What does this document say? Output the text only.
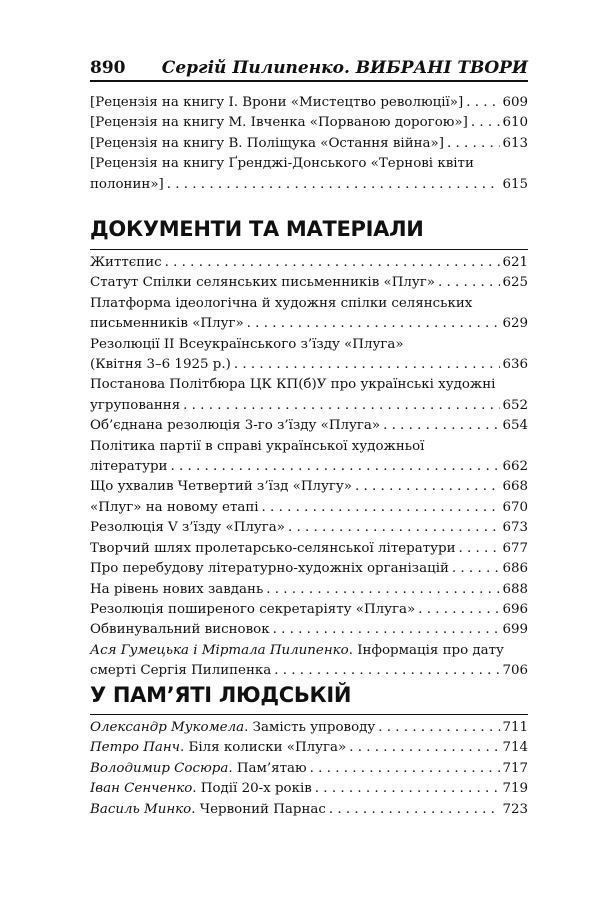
890 Сергій Пилипенко. ВИБРАНІ ТВОРИ
[Рецензія на книгу І. Врони «Мистецтво революції»] . . .	609
[Рецензія на книгу М. Івченка «Порваною дорогою»] . . .	610
[Рецензія на книгу В. Поліщука «Остання війна»] . . .	613
[Рецензія на книгу Ґренджі-Донського «Тернові квіти
полонин»] . . .	615
ДОКУМЕНТИ ТА МАТЕРІАЛИ
Життєпис . . .	621
Статут Спілки селянських письменників «Плуг» . . .	625
Платформа ідеологічна й художня спілки селянських
письменників «Плуг» . . .	629
Резолюції ІІ Всеукраїнського з’їзду «Плуга»
(Квітня 3–6 1925 р.) . . .	636
Постанова Політбюра ЦК КП(б)У про українські художні
угруповання . . .	652
Об’єднана резолюція 3-го з’їзду «Плуга» . . .	654
Політика партії в справі української художньої
літератури . . .	662
Що ухвалив Четвертий з’їзд «Плугу» . . .	668
«Плуг» на новому етапі . . .	670
Резолюція V з’їзду «Плуга» . . .	673
Творчий шлях пролетарсько-селянської літератури . . .	677
Про перебудову літературно-художніх організацій . . .	686
На рівень нових завдань . . .	688
Резолюція поширеного секретаріяту «Плуга» . . .	696
Обвинувальний висновок . . .	699
Ася Гумецька і Міртала Пилипенко. Інформація про дату
смерті Сергія Пилипенка . . .	706
У ПАМ’ЯТІ ЛЮДСЬКІЙ
Олександр Мукомела. Замість упроводу . . .	711
Петро Панч. Біля колиски «Плуга» . . .	714
Володимир Сосюра. Пам’ятаю . . .	717
Іван Сенченко. Події 20-х років . . .	719
Василь Минко. Червоний Парнас . . .	723
